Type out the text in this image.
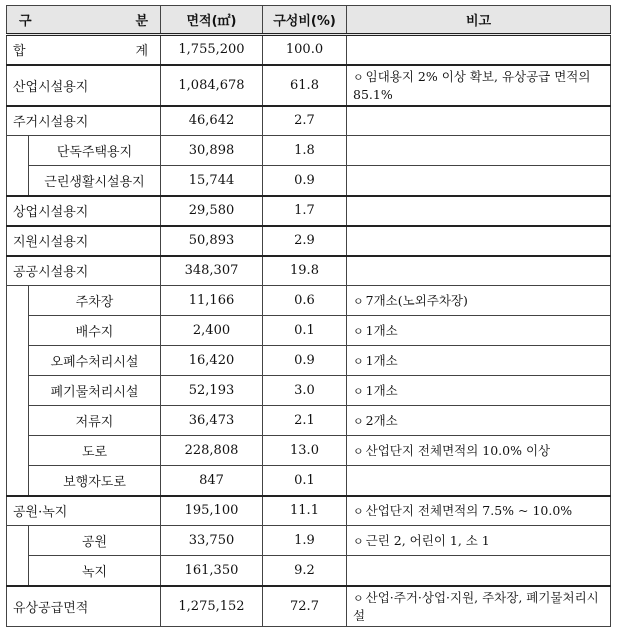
구 분		면적(㎡)	구성비(%)	비고
합 계		1,755,200	100.0	
산업시설용지		1,084,678	61.8	ㅇ 임대용지 2% 이상 확보, 유상공급 면적의 85.1%
주거시설용지		46,642	2.7	
	단독주택용지	30,898	1.8	
	근린생활시설용지	15,744	0.9	
상업시설용지		29,580	1.7	
지원시설용지		50,893	2.9	
공공시설용지		348,307	19.8	
	주차장	11,166	0.6	ㅇ 7개소(노외주차장)
	배수지	2,400	0.1	ㅇ 1개소
	오폐수처리시설	16,420	0.9	ㅇ 1개소
	폐기물처리시설	52,193	3.0	ㅇ 1개소
	저류지	36,473	2.1	ㅇ 2개소
	도로	228,808	13.0	ㅇ 산업단지 전체면적의 10.0% 이상
	보행자도로	847	0.1	
공원·녹지		195,100	11.1	ㅇ 산업단지 전체면적의 7.5% ~ 10.0%
	공원	33,750	1.9	ㅇ 근린 2, 어린이 1, 소 1
	녹지	161,350	9.2	
유상공급면적		1,275,152	72.7	ㅇ 산업·주거·상업·지원, 주차장, 폐기물처리시설
